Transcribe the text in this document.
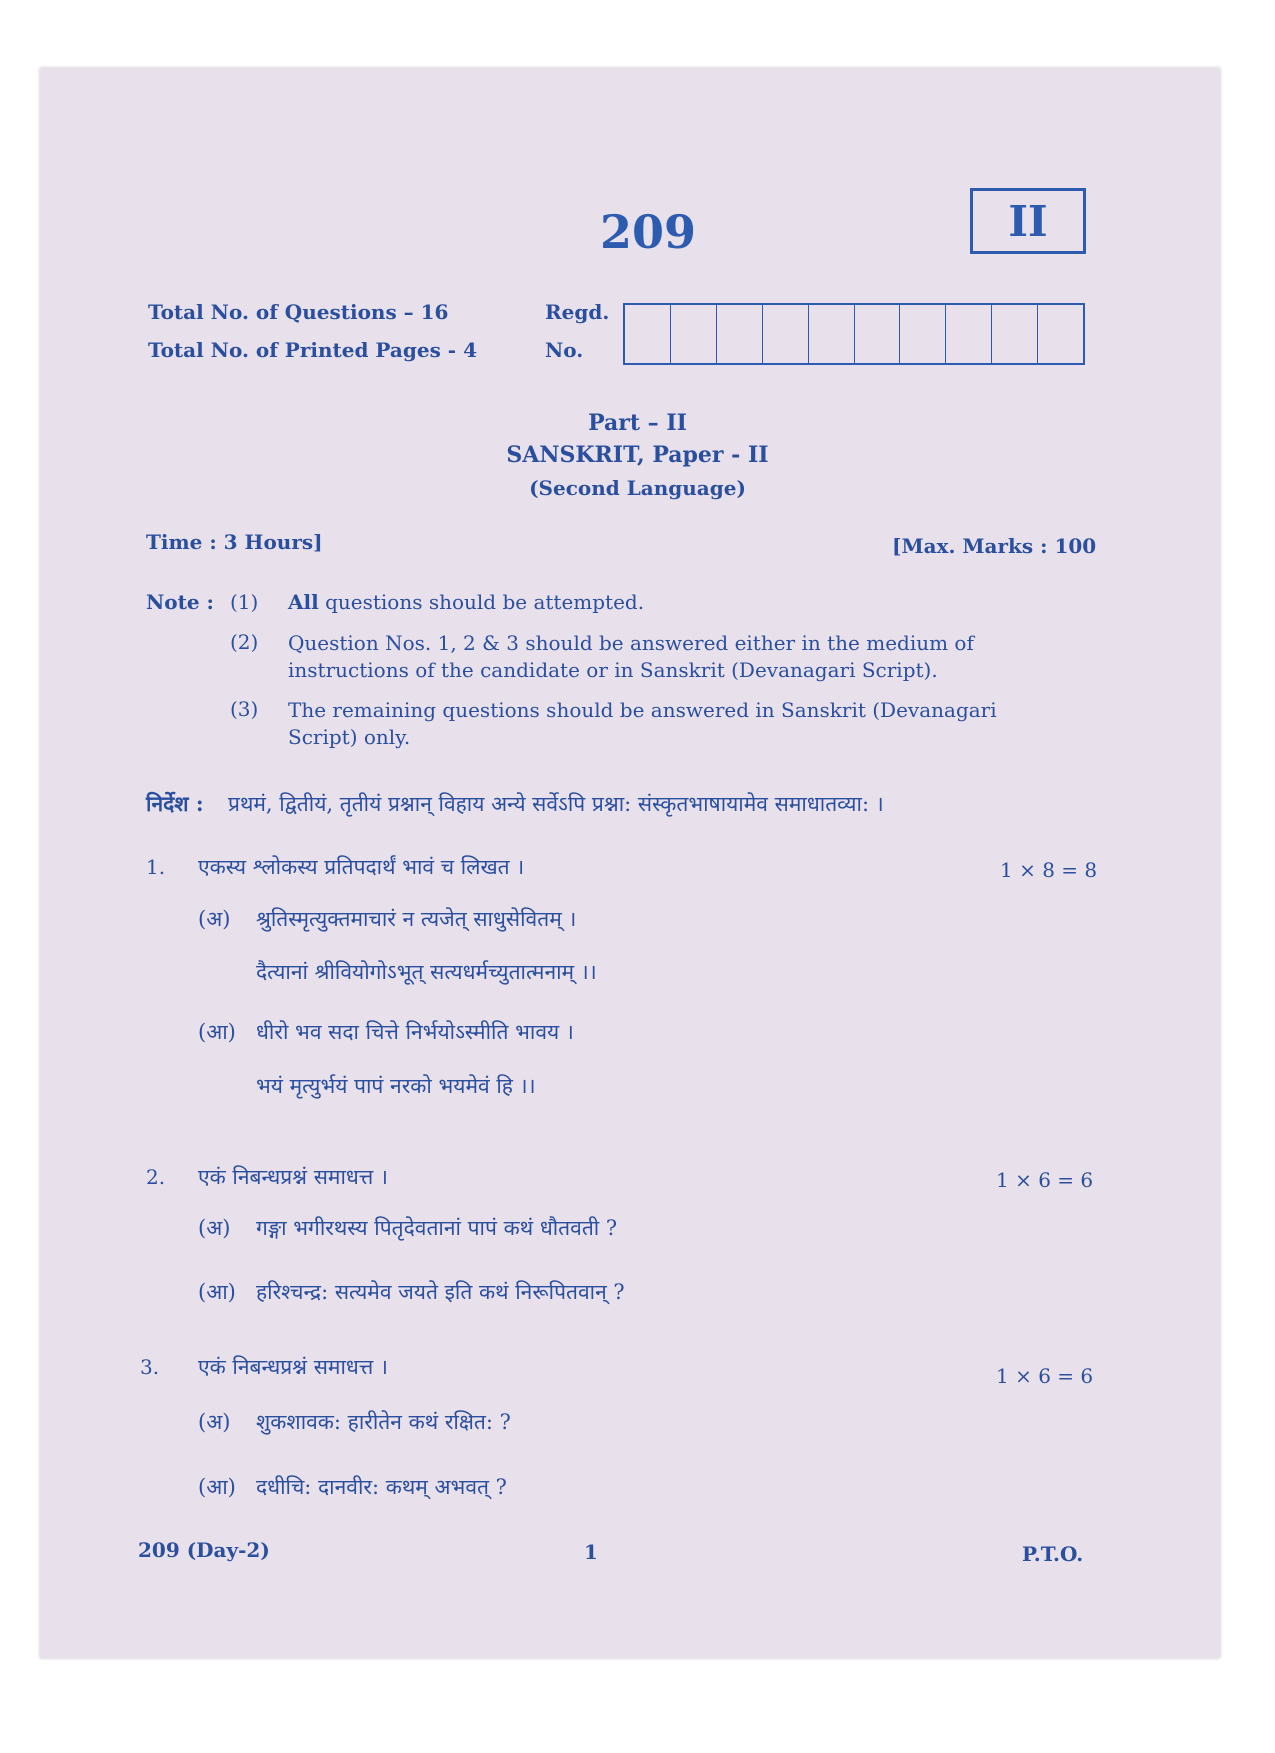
209	II
Total No. of Questions – 16
Total No. of Printed Pages - 4
Regd.
No.
Part – II
SANSKRIT, Paper - II
(Second Language)
Time : 3 Hours]	[Max. Marks : 100
Note : (1) All questions should be attempted.
(2) Question Nos. 1, 2 & 3 should be answered either in the medium of instructions of the candidate or in Sanskrit (Devanagari Script).
(3) The remaining questions should be answered in Sanskrit (Devanagari Script) only.
निर्देश : प्रथमं, द्वितीयं, तृतीयं प्रश्नान् विहाय अन्ये सर्वेऽपि प्रश्ना: संस्कृतभाषायामेव समाधातव्या: ।
1. एकस्य श्लोकस्य प्रतिपदार्थं भावं च लिखत ।	1 × 8 = 8
(अ) श्रुतिस्मृत्युक्तमाचारं न त्यजेत् साधुसेवितम् ।
दैत्यानां श्रीवियोगोऽभूत् सत्यधर्मच्युतात्मनाम् ।।
(आ) धीरो भव सदा चित्ते निर्भयोऽस्मीति भावय ।
भयं मृत्युर्भयं पापं नरको भयमेवं हि ।।
2. एकं निबन्धप्रश्नं समाधत्त ।	1 × 6 = 6
(अ) गङ्गा भगीरथस्य पितृदेवतानां पापं कथं धौतवती ?
(आ) हरिश्चन्द्र: सत्यमेव जयते इति कथं निरूपितवान् ?
3. एकं निबन्धप्रश्नं समाधत्त ।	1 × 6 = 6
(अ) शुकशावक: हारीतेन कथं रक्षित: ?
(आ) दधीचि: दानवीर: कथम् अभवत् ?
209 (Day-2)	1	P.T.O.
